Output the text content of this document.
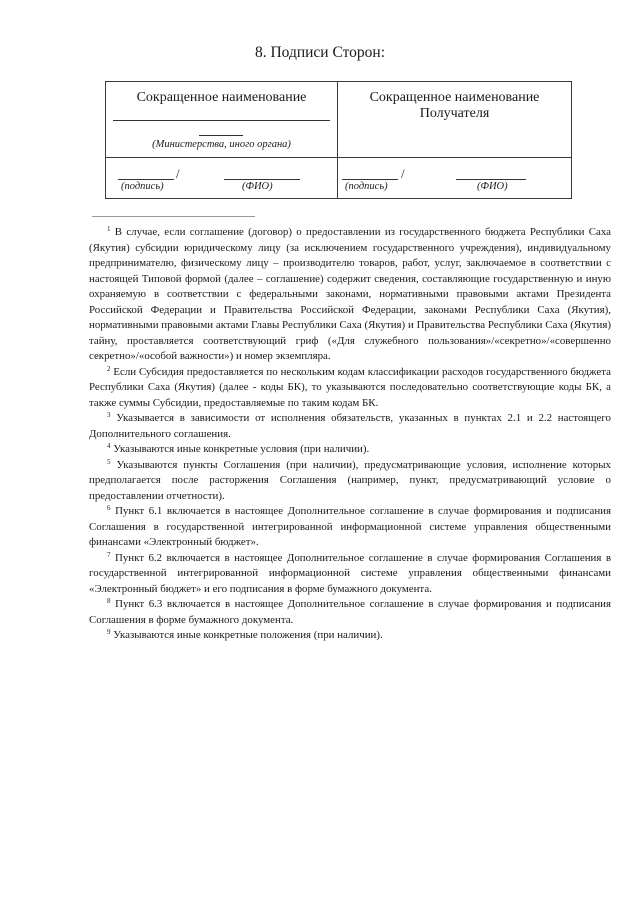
8. Подписи Сторон:
Сокращенное наименование
(Министерства, иного органа)
Сокращенное наименование
Получателя
/
(подпись)	(ФИО)
/
(подпись)	(ФИО)

$^1$ В случае, если соглашение (договор) о предоставлении из государственного бюджета Республики Саха (Якутия) субсидии юридическому лицу (за исключением государственного учреждения), индивидуальному предпринимателю, физическому лицу – производителю товаров, работ, услуг, заключаемое в соответствии с настоящей Типовой формой (далее – соглашение) содержит сведения, составляющие государственную и иную охраняемую в соответствии с федеральными законами, нормативными правовыми актами Президента Российской Федерации и Правительства Российской Федерации, законами Республики Саха (Якутия), нормативными правовыми актами Главы Республики Саха (Якутия) и Правительства Республики Саха (Якутия) тайну, проставляется соответствующий гриф («Для служебного пользования»/«секретно»/«совершенно секретно»/«особой важности») и номер экземпляра.

$^2$ Если Субсидия предоставляется по нескольким кодам классификации расходов государственного бюджета Республики Саха (Якутия) (далее - коды БК), то указываются последовательно соответствующие коды БК, а также суммы Субсидии, предоставляемые по таким кодам БК.

$^3$ Указывается в зависимости от исполнения обязательств, указанных в пунктах 2.1 и 2.2 настоящего Дополнительного соглашения.

$^4$ Указываются иные конкретные условия (при наличии).

$^5$ Указываются пункты Соглашения (при наличии), предусматривающие условия, исполнение которых предполагается после расторжения Соглашения (например, пункт, предусматривающий условие о предоставлении отчетности).

$^6$ Пункт 6.1 включается в настоящее Дополнительное соглашение в случае формирования и подписания Соглашения в государственной интегрированной информационной системе управления общественными финансами «Электронный бюджет».

$^7$ Пункт 6.2 включается в настоящее Дополнительное соглашение в случае формирования Соглашения в государственной интегрированной информационной системе управления общественными финансами «Электронный бюджет» и его подписания в форме бумажного документа.

$^8$ Пункт 6.3 включается в настоящее Дополнительное соглашение в случае формирования и подписания Соглашения в форме бумажного документа.

$^9$ Указываются иные конкретные положения (при наличии).
